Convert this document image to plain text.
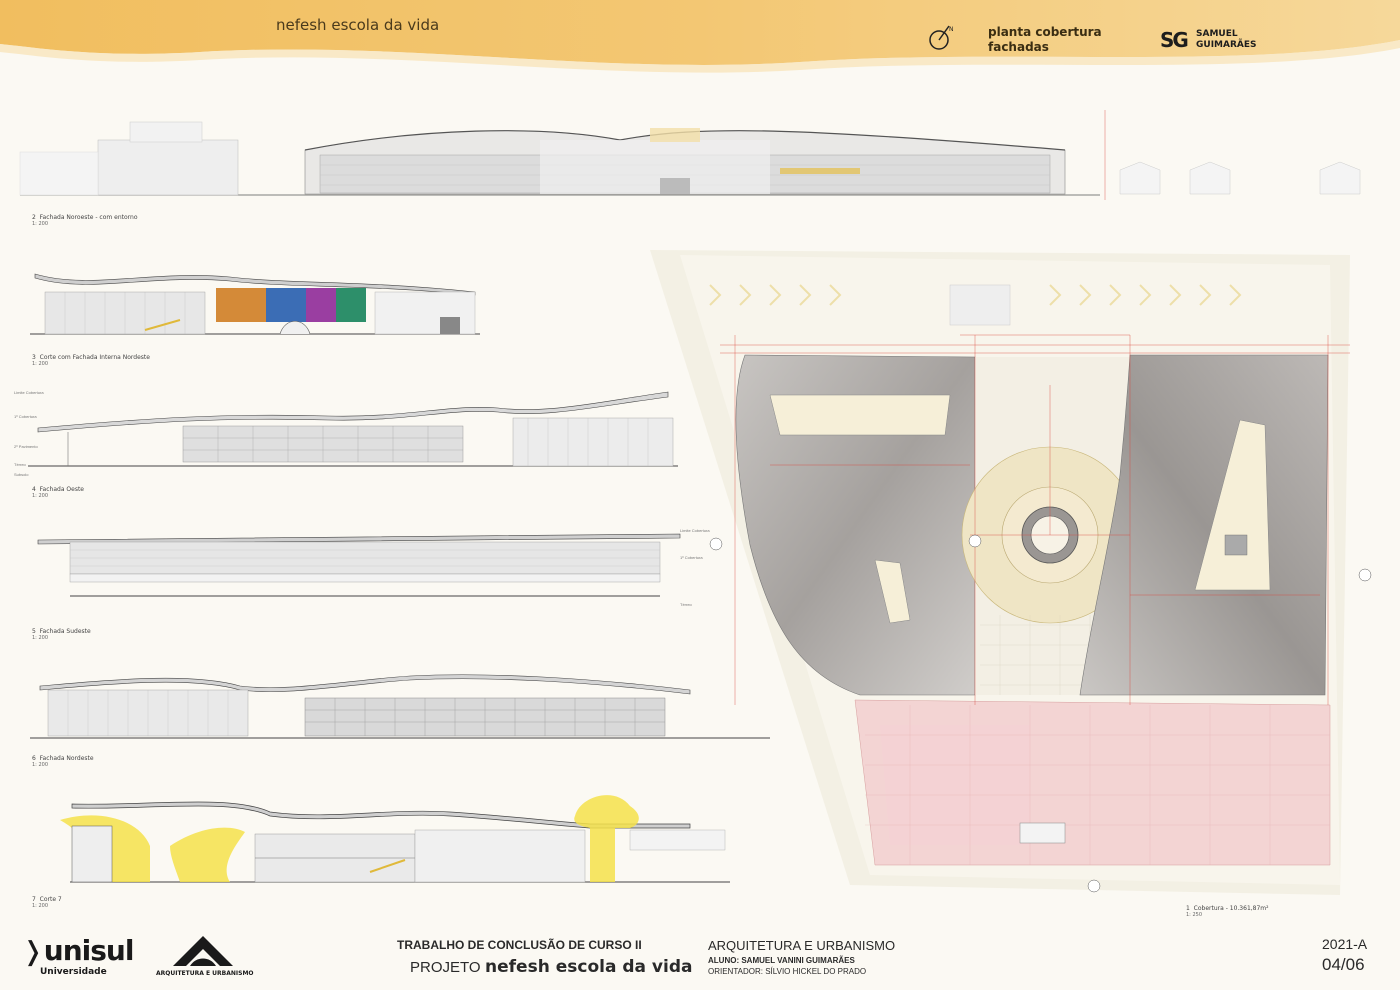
nefesh escola da vida	N	planta cobertura
fachadas	SG SAMUEL
GUIMARÃES
2 Fachada Noroeste - com entorno
1: 200
3 Corte com Fachada Interna Nordeste
1: 200
Limite Cobertura
1º Cobertura
2º Pavimento
Térreo
Subsolo
4 Fachada Oeste
1: 200
Limite Cobertura
1º Cobertura
Térreo
5 Fachada Sudeste
1: 200
6 Fachada Nordeste
1: 200
7 Corte 7
1: 200	1 Cobertura - 10.361,87m²
1: 250
❭unisul
Universidade	ARQUITETURA E URBANISMO
TRABALHO DE CONCLUSÃO DE CURSO II
PROJETO nefesh escola da vida
ARQUITETURA E URBANISMO
ALUNO: SAMUEL VANINI GUIMARÃES
ORIENTADOR: SÍLVIO HICKEL DO PRADO
2021-A
04/06
